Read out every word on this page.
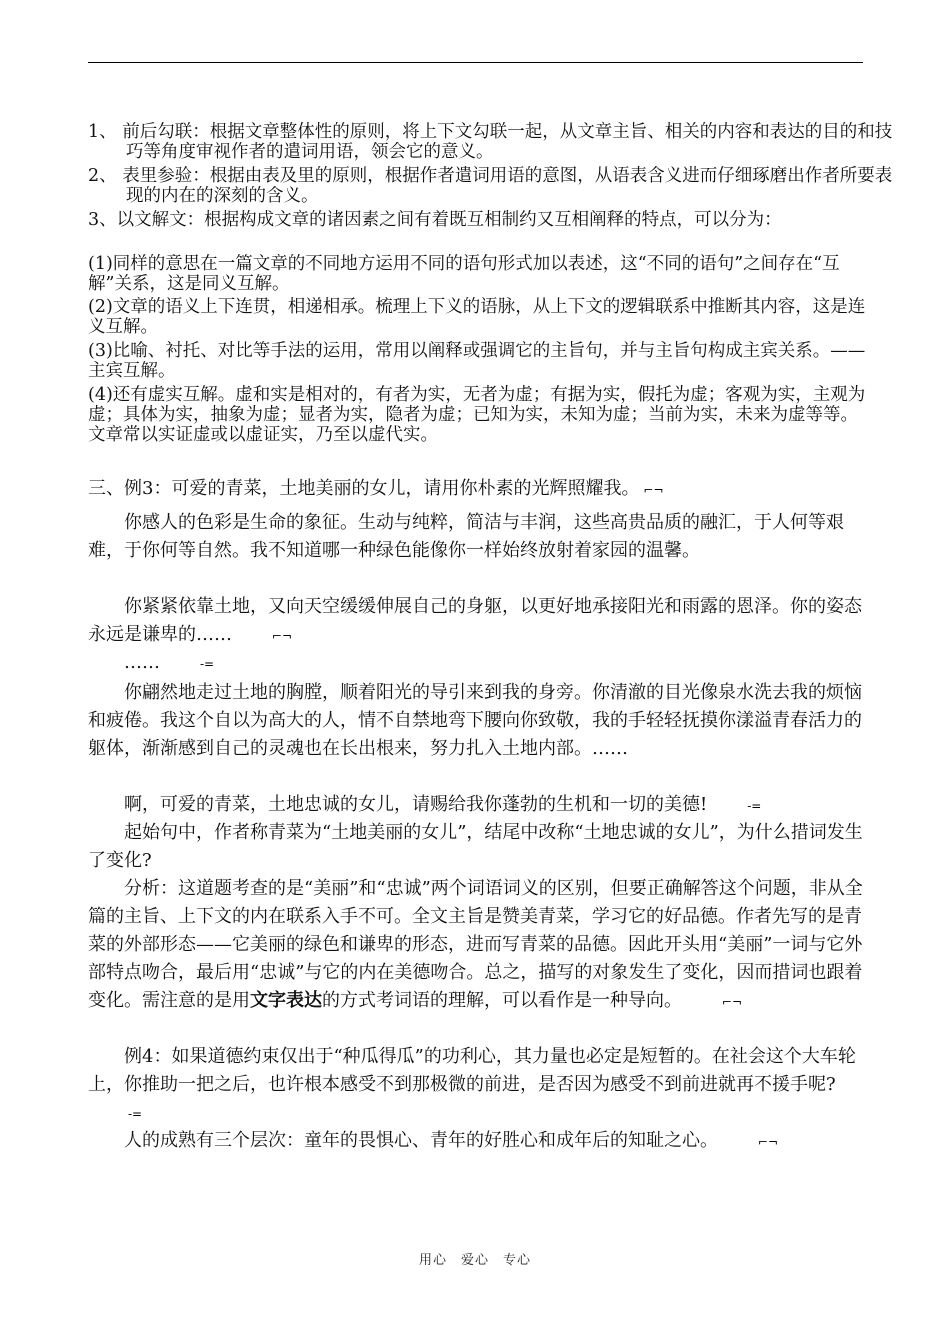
1、 前后勾联：根据文章整体性的原则，将上下文勾联一起，从文章主旨、相关的内容和表达的目的和技巧等角度审视作者的遣词用语，领会它的意义。

2、 表里参验：根据由表及里的原则，根据作者遣词用语的意图，从语表含义进而仔细琢磨出作者所要表现的内在的深刻的含义。

3、以文解文：根据构成文章的诸因素之间有着既互相制约又互相阐释的特点，可以分为：

(1)同样的意思在一篇文章的不同地方运用不同的语句形式加以表述，这“不同的语句”之间存在“互解”关系，这是同义互解。

(2)文章的语义上下连贯，相递相承。梳理上下义的语脉，从上下文的逻辑联系中推断其内容，这是连义互解。

(3)比喻、衬托、对比等手法的运用，常用以阐释或强调它的主旨句，并与主旨句构成主宾关系。——主宾互解。

(4)还有虚实互解。虚和实是相对的，有者为实，无者为虚；有据为实，假托为虚；客观为实，主观为虚；具体为实，抽象为虚；显者为实，隐者为虚；已知为实，未知为虚；当前为实，未来为虚等等。文章常以实证虚或以虚证实，乃至以虚代实。

三、例3：可爱的青菜，土地美丽的女儿，请用你朴素的光辉照耀我。 ⌐¬

你感人的色彩是生命的象征。生动与纯粹，简洁与丰润，这些高贵品质的融汇，于人何等艰难，于你何等自然。我不知道哪一种绿色能像你一样始终放射着家园的温馨。

你紧紧依靠土地，又向天空缓缓伸展自己的身躯，以更好地承接阳光和雨露的恩泽。你的姿态永远是谦卑的……	⌐¬

……	-=

你翩然地走过土地的胸膛，顺着阳光的导引来到我的身旁。你清澈的目光像泉水洗去我的烦恼和疲倦。我这个自以为高大的人，情不自禁地弯下腰向你致敬，我的手轻轻抚摸你漾溢青春活力的躯体，渐渐感到自己的灵魂也在长出根来，努力扎入土地内部。……

啊，可爱的青菜，土地忠诚的女儿，请赐给我你蓬勃的生机和一切的美德!	-=

起始句中，作者称青菜为“土地美丽的女儿”，结尾中改称“土地忠诚的女儿”，为什么措词发生了变化?

分析：这道题考查的是“美丽”和“忠诚”两个词语词义的区别，但要正确解答这个问题，非从全篇的主旨、上下文的内在联系入手不可。全文主旨是赞美青菜，学习它的好品德。作者先写的是青菜的外部形态——它美丽的绿色和谦卑的形态，进而写青菜的品德。因此开头用“美丽”一词与它外部特点吻合，最后用“忠诚”与它的内在美德吻合。总之，描写的对象发生了变化，因而措词也跟着变化。需注意的是用文字表达的方式考词语的理解，可以看作是一种导向。	⌐¬

例4：如果道德约束仅出于“种瓜得瓜”的功利心，其力量也必定是短暂的。在社会这个大车轮上，你推助一把之后，也许根本感受不到那极微的前进，是否因为感受不到前进就再不援手呢?-=

人的成熟有三个层次：童年的畏惧心、青年的好胜心和成年后的知耻之心。	⌐¬

用心　爱心　专心
